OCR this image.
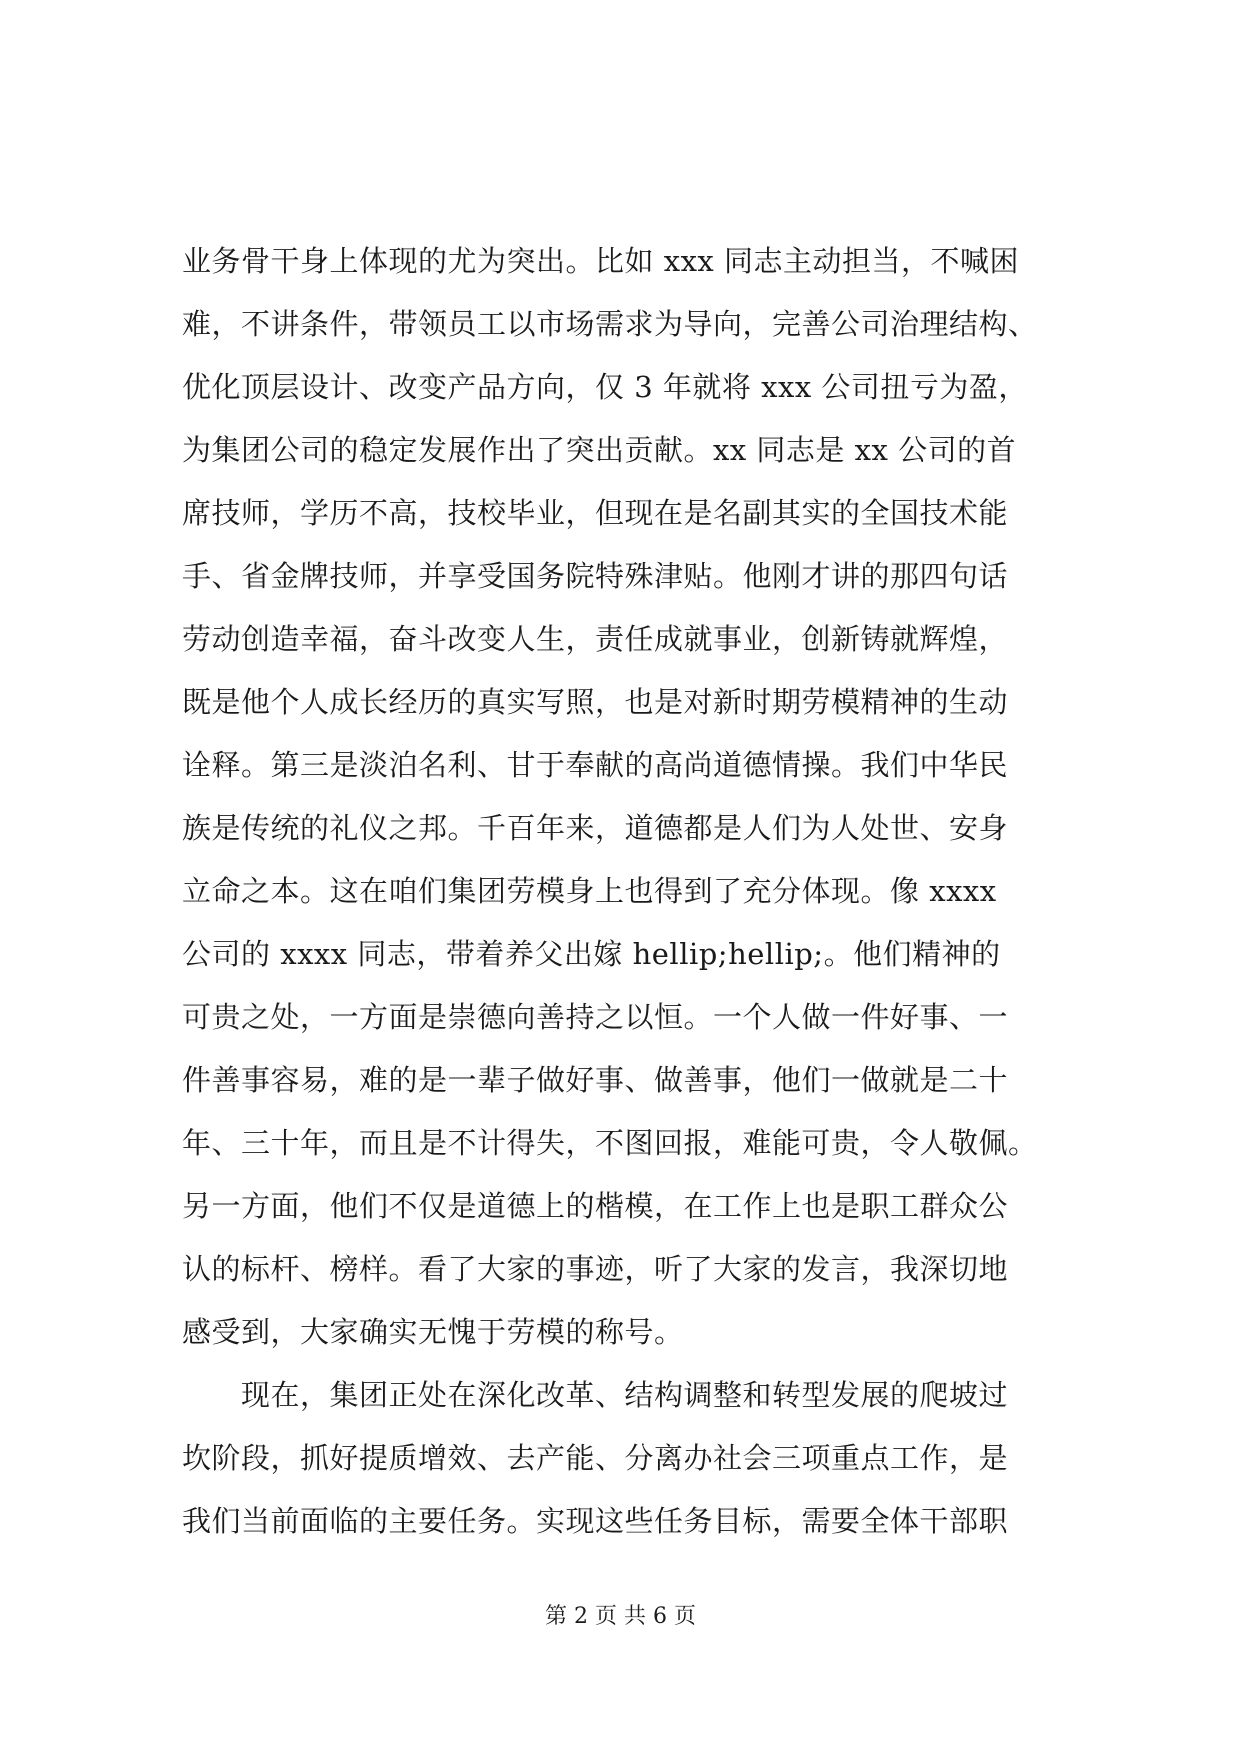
业务骨干身上体现的尤为突出。比如 xxx 同志主动担当，不喊困
难，不讲条件，带领员工以市场需求为导向，完善公司治理结构、
优化顶层设计、改变产品方向，仅 3 年就将 xxx 公司扭亏为盈，
为集团公司的稳定发展作出了突出贡献。xx 同志是 xx 公司的首
席技师，学历不高，技校毕业，但现在是名副其实的全国技术能
手、省金牌技师，并享受国务院特殊津贴。他刚才讲的那四句话
劳动创造幸福，奋斗改变人生，责任成就事业，创新铸就辉煌，
既是他个人成长经历的真实写照，也是对新时期劳模精神的生动
诠释。第三是淡泊名利、甘于奉献的高尚道德情操。我们中华民
族是传统的礼仪之邦。千百年来，道德都是人们为人处世、安身
立命之本。这在咱们集团劳模身上也得到了充分体现。像 xxxx
公司的 xxxx 同志，带着养父出嫁 hellip;hellip;。他们精神的
可贵之处，一方面是崇德向善持之以恒。一个人做一件好事、一
件善事容易，难的是一辈子做好事、做善事，他们一做就是二十
年、三十年，而且是不计得失，不图回报，难能可贵，令人敬佩。
另一方面，他们不仅是道德上的楷模，在工作上也是职工群众公
认的标杆、榜样。看了大家的事迹，听了大家的发言，我深切地
感受到，大家确实无愧于劳模的称号。
　　现在，集团正处在深化改革、结构调整和转型发展的爬坡过
坎阶段，抓好提质增效、去产能、分离办社会三项重点工作，是
我们当前面临的主要任务。实现这些任务目标，需要全体干部职
第 2 页 共 6 页
